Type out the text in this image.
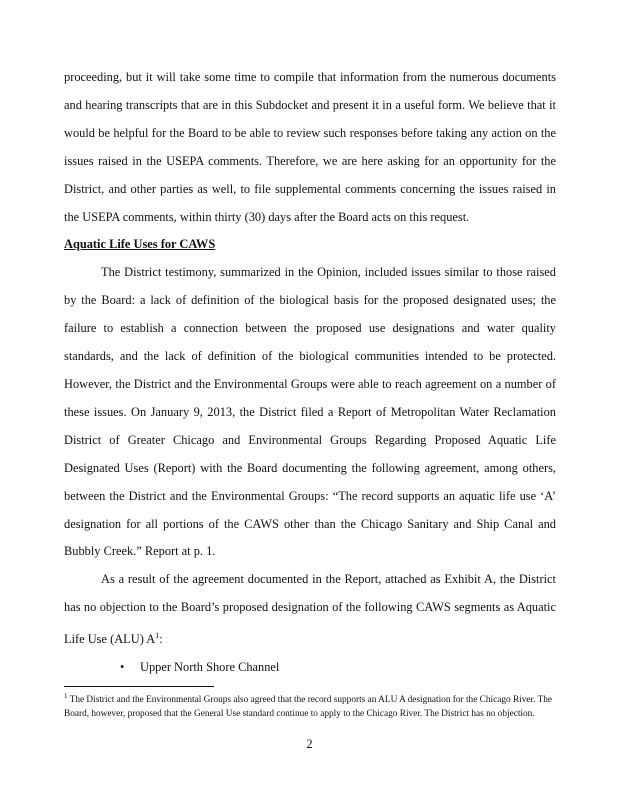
proceeding, but it will take some time to compile that information from the numerous documents and hearing transcripts that are in this Subdocket and present it in a useful form. We believe that it would be helpful for the Board to be able to review such responses before taking any action on the issues raised in the USEPA comments. Therefore, we are here asking for an opportunity for the District, and other parties as well, to file supplemental comments concerning the issues raised in the USEPA comments, within thirty (30) days after the Board acts on this request.

Aquatic Life Uses for CAWS

The District testimony, summarized in the Opinion, included issues similar to those raised by the Board: a lack of definition of the biological basis for the proposed designated uses; the failure to establish a connection between the proposed use designations and water quality standards, and the lack of definition of the biological communities intended to be protected. However, the District and the Environmental Groups were able to reach agreement on a number of these issues. On January 9, 2013, the District filed a Report of Metropolitan Water Reclamation District of Greater Chicago and Environmental Groups Regarding Proposed Aquatic Life Designated Uses (Report) with the Board documenting the following agreement, among others, between the District and the Environmental Groups: “The record supports an aquatic life use ‘A’ designation for all portions of the CAWS other than the Chicago Sanitary and Ship Canal and Bubbly Creek.” Report at p. 1.

As a result of the agreement documented in the Report, attached as Exhibit A, the District has no objection to the Board’s proposed designation of the following CAWS segments as Aquatic Life Use (ALU) $A^1$:

• Upper North Shore Channel

$^1$ The District and the Environmental Groups also agreed that the record supports an ALU A designation for the Chicago River. The Board, however, proposed that the General Use standard continue to apply to the Chicago River. The District has no objection.

2
